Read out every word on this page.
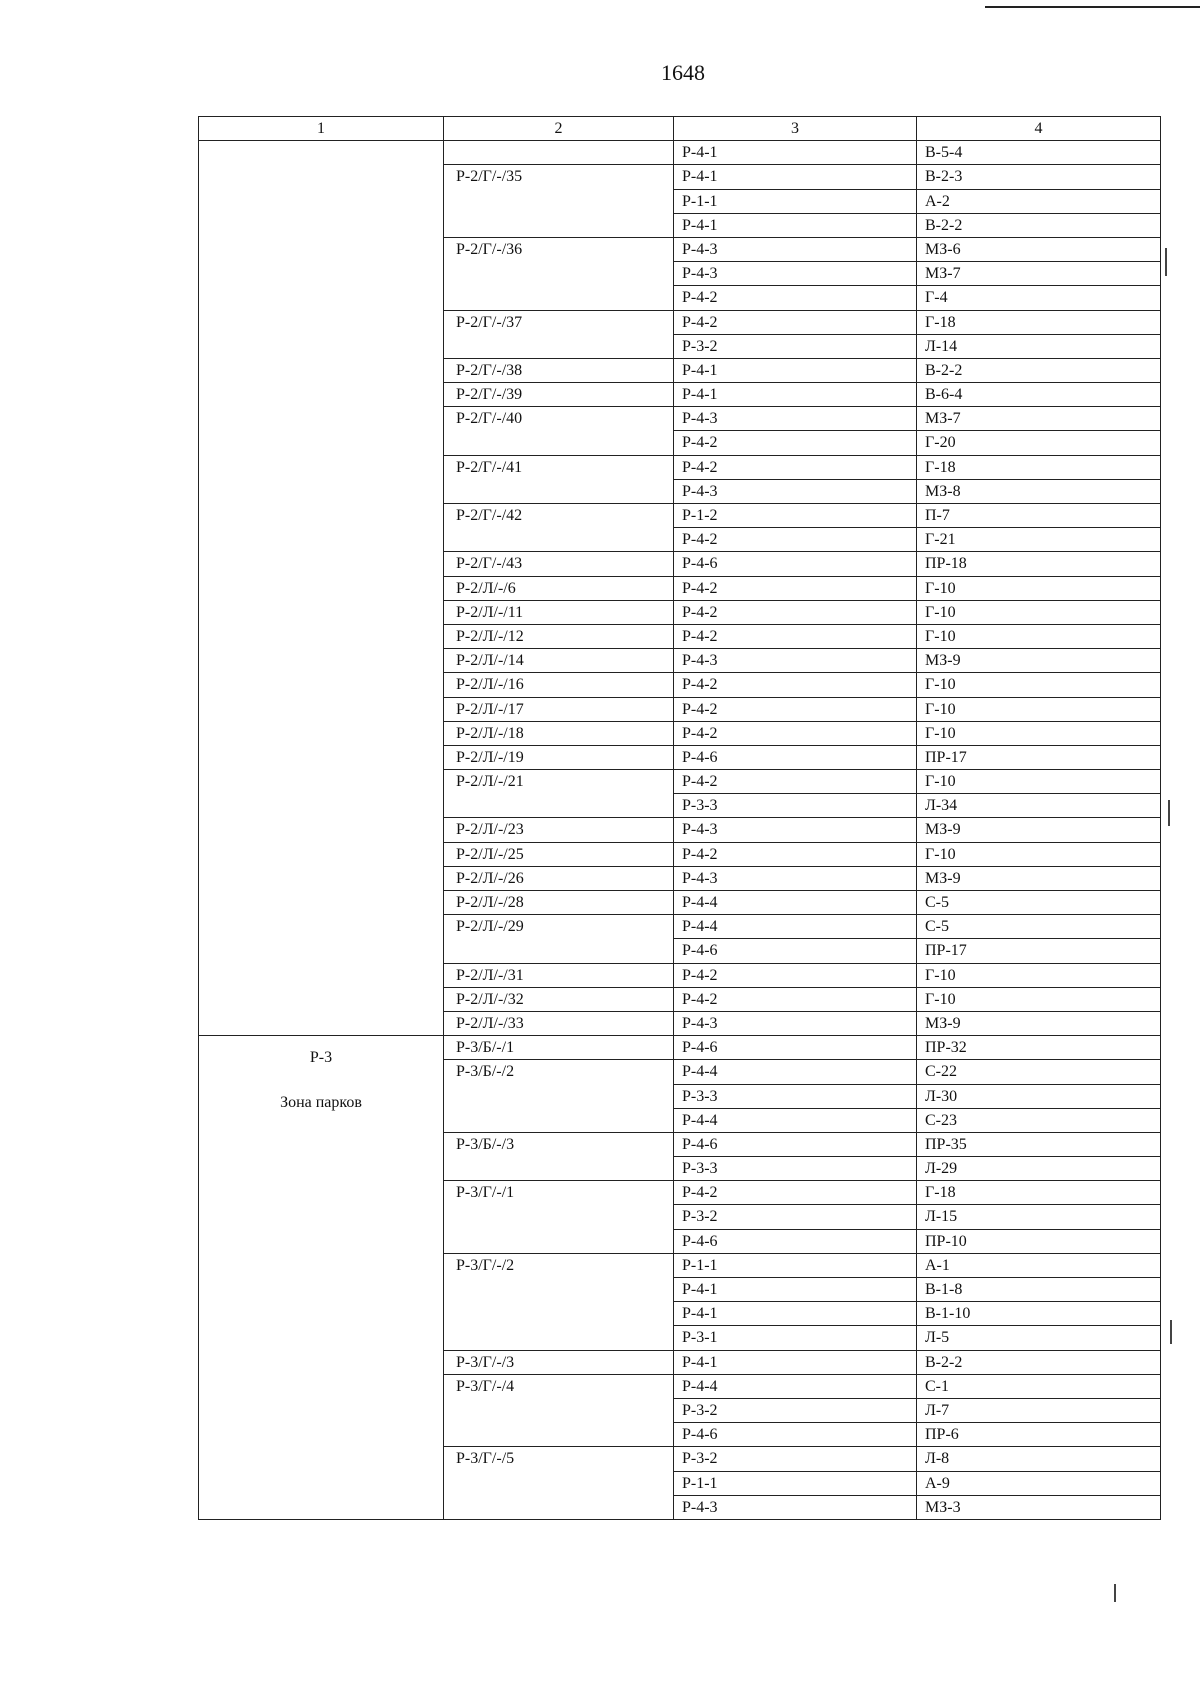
1648
1	2	3	4

		Р-4-1	В-5-4
	Р-2/Г/-/35	Р-4-1	В-2-3
		Р-1-1	А-2
		Р-4-1	В-2-2
	Р-2/Г/-/36	Р-4-3	МЗ-6
		Р-4-3	МЗ-7
		Р-4-2	Г-4
	Р-2/Г/-/37	Р-4-2	Г-18
		Р-3-2	Л-14
	Р-2/Г/-/38	Р-4-1	В-2-2
	Р-2/Г/-/39	Р-4-1	В-6-4
	Р-2/Г/-/40	Р-4-3	МЗ-7
		Р-4-2	Г-20
	Р-2/Г/-/41	Р-4-2	Г-18
		Р-4-3	МЗ-8
	Р-2/Г/-/42	Р-1-2	П-7
		Р-4-2	Г-21
	Р-2/Г/-/43	Р-4-6	ПР-18
	Р-2/Л/-/6	Р-4-2	Г-10
	Р-2/Л/-/11	Р-4-2	Г-10
	Р-2/Л/-/12	Р-4-2	Г-10
	Р-2/Л/-/14	Р-4-3	МЗ-9
	Р-2/Л/-/16	Р-4-2	Г-10
	Р-2/Л/-/17	Р-4-2	Г-10
	Р-2/Л/-/18	Р-4-2	Г-10
	Р-2/Л/-/19	Р-4-6	ПР-17
	Р-2/Л/-/21	Р-4-2	Г-10
		Р-3-3	Л-34
	Р-2/Л/-/23	Р-4-3	МЗ-9
	Р-2/Л/-/25	Р-4-2	Г-10
	Р-2/Л/-/26	Р-4-3	МЗ-9
	Р-2/Л/-/28	Р-4-4	С-5
	Р-2/Л/-/29	Р-4-4	С-5
		Р-4-6	ПР-17
	Р-2/Л/-/31	Р-4-2	Г-10
	Р-2/Л/-/32	Р-4-2	Г-10
	Р-2/Л/-/33	Р-4-3	МЗ-9

Р-3
Зона парков	Р-3/Б/-/1	Р-4-6	ПР-32
	Р-3/Б/-/2	Р-4-4	С-22
		Р-3-3	Л-30
		Р-4-4	С-23
	Р-3/Б/-/3	Р-4-6	ПР-35
		Р-3-3	Л-29
	Р-3/Г/-/1	Р-4-2	Г-18
		Р-3-2	Л-15
		Р-4-6	ПР-10
	Р-3/Г/-/2	Р-1-1	А-1
		Р-4-1	В-1-8
		Р-4-1	В-1-10
		Р-3-1	Л-5
	Р-3/Г/-/3	Р-4-1	В-2-2
	Р-3/Г/-/4	Р-4-4	С-1
		Р-3-2	Л-7
		Р-4-6	ПР-6
	Р-3/Г/-/5	Р-3-2	Л-8
		Р-1-1	А-9
		Р-4-3	МЗ-3
